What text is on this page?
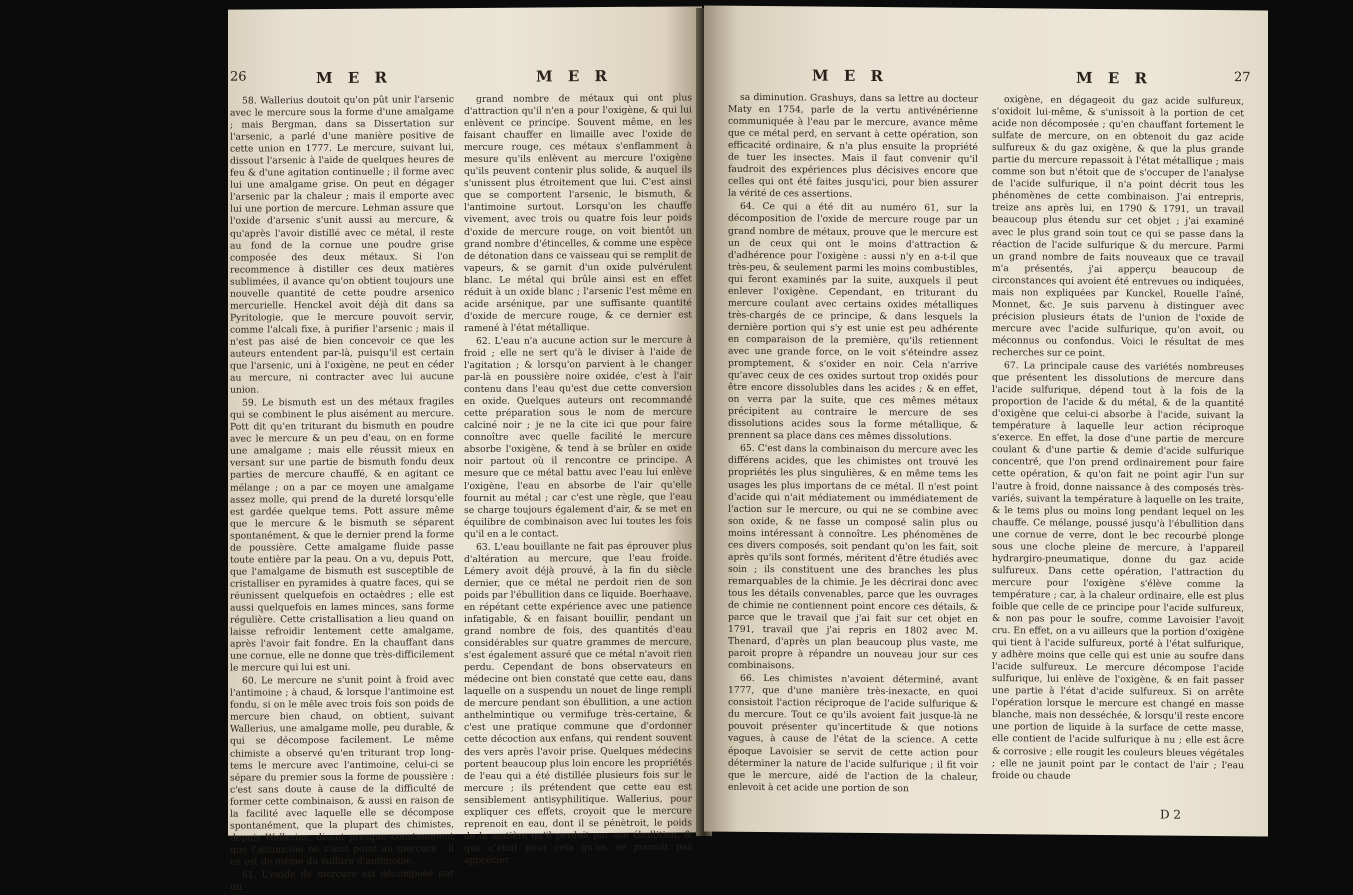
26	M E R	M E R

58. Wallerius doutoit qu'on pût unir l'arsenic avec le mercure sous la forme d'une amalgame ; mais Bergman, dans sa Dissertation sur l'arsenic, a parlé d'une manière positive de cette union en 1777. Le mercure, suivant lui, dissout l'arsenic à l'aide de quelques heures de feu & d'une agitation continuelle ; il forme avec lui une amalgame grise. On peut en dégager l'arsenic par la chaleur ; mais il emporte avec lui une portion de mercure. Lehman assure que l'oxide d'arsenic s'unit aussi au mercure, & qu'après l'avoir distillé avec ce métal, il reste au fond de la cornue une poudre grise composée des deux métaux. Si l'on recommence à distiller ces deux matières sublimées, il avance qu'on obtient toujours une nouvelle quantité de cette poudre arsenico mercurielle. Henckel avoit déjà dit dans sa Pyritologie, que le mercure pouvoit servir, comme l'alcali fixe, à purifier l'arsenic ; mais il n'est pas aisé de bien concevoir ce que les auteurs entendent par-là, puisqu'il est certain que l'arsenic, uni à l'oxigène, ne peut en céder au mercure, ni contracter avec lui aucune union.

59. Le bismuth est un des métaux fragiles qui se combinent le plus aisément au mercure. Pott dit qu'en triturant du bismuth en poudre avec le mercure & un peu d'eau, on en forme une amalgame ; mais elle réussit mieux en versant sur une partie de bismuth fondu deux parties de mercure chauffé, & en agitant ce mélange ; on a par ce moyen une amalgame assez molle, qui prend de la dureté lorsqu'elle est gardée quelque tems. Pott assure même que le mercure & le bismuth se séparent spontanément, & que le dernier prend la forme de poussière. Cette amalgame fluide passe toute entière par la peau. On a vu, depuis Pott, que l'amalgame de bismuth est susceptible de cristalliser en pyramides à quatre faces, qui se réunissent quelquefois en octaèdres ; elle est aussi quelquefois en lames minces, sans forme régulière. Cette cristallisation a lieu quand on laisse refroidir lentement cette amalgame, après l'avoir fait fondre. En la chauffant dans une cornue, elle ne donne que très-difficilement le mercure qui lui est uni.

60. Le mercure ne s'unit point à froid avec l'antimoine ; à chaud, & lorsque l'antimoine est fondu, si on le mêle avec trois fois son poids de mercure bien chaud, on obtient, suivant Wallerius, une amalgame molle, peu durable, & qui se décompose facilement. Le même chimiste a observé qu'en triturant trop long-tems le mercure avec l'antimoine, celui-ci se sépare du premier sous la forme de poussière : c'est sans doute à cause de la difficulté de former cette combinaison, & aussi en raison de la facilité avec laquelle elle se décompose spontanément, que la plupart des chimistes, depuis Wallerius, disent presque constamment que l'antimoine ne s'unit point au mercure : il en est de même du sulfure d'antimoine.

61. L'oxide de mercure est décomposé par un

grand nombre de métaux qui ont plus d'attraction qu'il n'en a pour l'oxigène, & qui lui enlèvent ce principe. Souvent même, en les faisant chauffer en limaille avec l'oxide de mercure rouge, ces métaux s'enflamment à mesure qu'ils enlèvent au mercure l'oxigène qu'ils peuvent contenir plus solide, & auquel ils s'unissent plus étroitement que lui. C'est ainsi que se comportent l'arsenic, le bismuth, & l'antimoine surtout. Lorsqu'on les chauffe vivement, avec trois ou quatre fois leur poids d'oxide de mercure rouge, on voit bientôt un grand nombre d'étincelles, & comme une espèce de détonation dans ce vaisseau qui se remplit de vapeurs, & se garnit d'un oxide pulvérulent blanc. Le métal qui brûle ainsi est en effet réduit à un oxide blanc ; l'arsenic l'est même en acide arsénique, par une suffisante quantité d'oxide de mercure rouge, & ce dernier est ramené à l'état métallique.

62. L'eau n'a aucune action sur le mercure à froid ; elle ne sert qu'à le diviser à l'aide de l'agitation ; & lorsqu'on parvient à le changer par-là en poussière noire oxidée, c'est à l'air contenu dans l'eau qu'est due cette conversion en oxide. Quelques auteurs ont recommandé cette préparation sous le nom de mercure calciné noir ; je ne la cite ici que pour faire connoître avec quelle facilité le mercure absorbe l'oxigène, & tend à se brûler en oxide noir partout où il rencontre ce principe. A mesure que ce métal battu avec l'eau lui enlève l'oxigène, l'eau en absorbe de l'air qu'elle fournit au métal ; car c'est une règle, que l'eau se charge toujours également d'air, & se met en équilibre de combinaison avec lui toutes les fois qu'il en a le contact.

63. L'eau bouillante ne fait pas éprouver plus d'altération au mercure, que l'eau froide. Lémery avoit déjà prouvé, à la fin du siècle dernier, que ce métal ne perdoit rien de son poids par l'ébullition dans ce liquide. Boerhaave, en répétant cette expérience avec une patience infatigable, & en faisant bouillir, pendant un grand nombre de fois, des quantités d'eau considérables sur quatre grammes de mercure, s'est également assuré que ce métal n'avoit rien perdu. Cependant de bons observateurs en médecine ont bien constaté que cette eau, dans laquelle on a suspendu un nouet de linge rempli de mercure pendant son ébullition, a une action anthelmintique ou vermifuge très-certaine, & c'est une pratique commune que d'ordonner cette décoction aux enfans, qui rendent souvent des vers après l'avoir prise. Quelques médecins portent beaucoup plus loin encore les propriétés de l'eau qui a été distillée plusieurs fois sur le mercure ; ils prétendent que cette eau est sensiblement antisyphilitique. Wallerius, pour expliquer ces effets, croyoit que le mercure reprenoit en eau, dont il se pénètroit, le poids de la matière qu'il perdoit par son ébullition, & que c'étoit pour cela qu'on ne pouvoit pas apprécier

M E R	M E R	27

sa diminution. Grashuys, dans sa lettre au docteur Maty en 1754, parle de la vertu antivénérienne communiquée à l'eau par le mercure, avance même que ce métal perd, en servant à cette opération, son efficacité ordinaire, & n'a plus ensuite la propriété de tuer les insectes. Mais il faut convenir qu'il faudroit des expériences plus décisives encore que celles qui ont été faites jusqu'ici, pour bien assurer la vérité de ces assertions.

64. Ce qui a été dit au numéro 61, sur la décomposition de l'oxide de mercure rouge par un grand nombre de métaux, prouve que le mercure est un de ceux qui ont le moins d'attraction & d'adhérence pour l'oxigène : aussi n'y en a-t-il que très-peu, & seulement parmi les moins combustibles, qui feront examinés par la suite, auxquels il peut enlever l'oxigène. Cependant, en triturant du mercure coulant avec certains oxides métalliques très-chargés de ce principe, & dans lesquels la dernière portion qui s'y est unie est peu adhérente en comparaison de la première, qu'ils retiennent avec une grande force, on le voit s'éteindre assez promptement, & s'oxider en noir. Cela n'arrive qu'avec ceux de ces oxides surtout trop oxidés pour être encore dissolubles dans les acides ; & en effet, on verra par la suite, que ces mêmes métaux précipitent au contraire le mercure de ses dissolutions acides sous la forme métallique, & prennent sa place dans ces mêmes dissolutions.

65. C'est dans la combinaison du mercure avec les différens acides, que les chimistes ont trouvé les propriétés les plus singulières, & en même tems les usages les plus importans de ce métal. Il n'est point d'acide qui n'ait médiatement ou immédiatement de l'action sur le mercure, ou qui ne se combine avec son oxide, & ne fasse un composé salin plus ou moins intéressant à connoître. Les phénomènes de ces divers composés, soit pendant qu'on les fait, soit après qu'ils sont formés, méritent d'être étudiés avec soin ; ils constituent une des branches les plus remarquables de la chimie. Je les décrirai donc avec tous les détails convenables, parce que les ouvrages de chimie ne contiennent point encore ces détails, & parce que le travail que j'ai fait sur cet objet en 1791, travail que j'ai repris en 1802 avec M. Thenard, d'après un plan beaucoup plus vaste, me paroit propre à répandre un nouveau jour sur ces combinaisons.

66. Les chimistes n'avoient déterminé, avant 1777, que d'une manière très-inexacte, en quoi consistoit l'action réciproque de l'acide sulfurique & du mercure. Tout ce qu'ils avoient fait jusque-là ne pouvoit présenter qu'incertitude & que notions vagues, à cause de l'état de la science. A cette époque Lavoisier se servit de cette action pour déterminer la nature de l'acide sulfurique ; il fit voir que le mercure, aidé de l'action de la chaleur, enlevoit à cet acide une portion de son

oxigène, en dégageoit du gaz acide sulfureux, s'oxidoit lui-même, & s'unissoit à la portion de cet acide non décomposée ; qu'en chauffant fortement le sulfate de mercure, on en obtenoit du gaz acide sulfureux & du gaz oxigène, & que la plus grande partie du mercure repassoit à l'état métallique ; mais comme son but n'étoit que de s'occuper de l'analyse de l'acide sulfurique, il n'a point décrit tous les phénomènes de cette combinaison. J'ai entrepris, treize ans après lui, en 1790 & 1791, un travail beaucoup plus étendu sur cet objet ; j'ai examiné avec le plus grand soin tout ce qui se passe dans la réaction de l'acide sulfurique & du mercure. Parmi un grand nombre de faits nouveaux que ce travail m'a présentés, j'ai apperçu beaucoup de circonstances qui avoient été entrevues ou indiquées, mais non expliquées par Kunckel, Rouelle l'aîné, Monnet, &c. Je suis parvenu à distinguer avec précision plusieurs états de l'union de l'oxide de mercure avec l'acide sulfurique, qu'on avoit, ou méconnus ou confondus. Voici le résultat de mes recherches sur ce point.

67. La principale cause des variétés nombreuses que présentent les dissolutions de mercure dans l'acide sulfurique, dépend tout à la fois de la proportion de l'acide & du métal, & de la quantité d'oxigène que celui-ci absorbe à l'acide, suivant la température à laquelle leur action réciproque s'exerce. En effet, la dose d'une partie de mercure coulant & d'une partie & demie d'acide sulfurique concentré, que l'on prend ordinairement pour faire cette opération, & qu'on fait ne point agir l'un sur l'autre à froid, donne naissance à des composés très-variés, suivant la température à laquelle on les traite, & le tems plus ou moins long pendant lequel on les chauffe. Ce mélange, poussé jusqu'à l'ébullition dans une cornue de verre, dont le bec recourbé plonge sous une cloche pleine de mercure, à l'appareil hydrargiro-pneumatique, donne du gaz acide sulfureux. Dans cette opération, l'attraction du mercure pour l'oxigène s'élève comme la température ; car, à la chaleur ordinaire, elle est plus foible que celle de ce principe pour l'acide sulfureux, & non pas pour le soufre, comme Lavoisier l'avoit cru. En effet, on a vu ailleurs que la portion d'oxigène qui tient à l'acide sulfureux, porté à l'état sulfurique, y adhère moins que celle qui est unie au soufre dans l'acide sulfureux. Le mercure décompose l'acide sulfurique, lui enlève de l'oxigène, & en fait passer une partie à l'état d'acide sulfureux. Si on arrête l'opération lorsque le mercure est changé en masse blanche, mais non desséchée, & lorsqu'il reste encore une portion de liquide à la surface de cette masse, elle contient de l'acide sulfurique à nu ; elle est âcre & corrosive ; elle rougit les couleurs bleues végétales ; elle ne jaunit point par le contact de l'air ; l'eau froide ou chaude

D 2
